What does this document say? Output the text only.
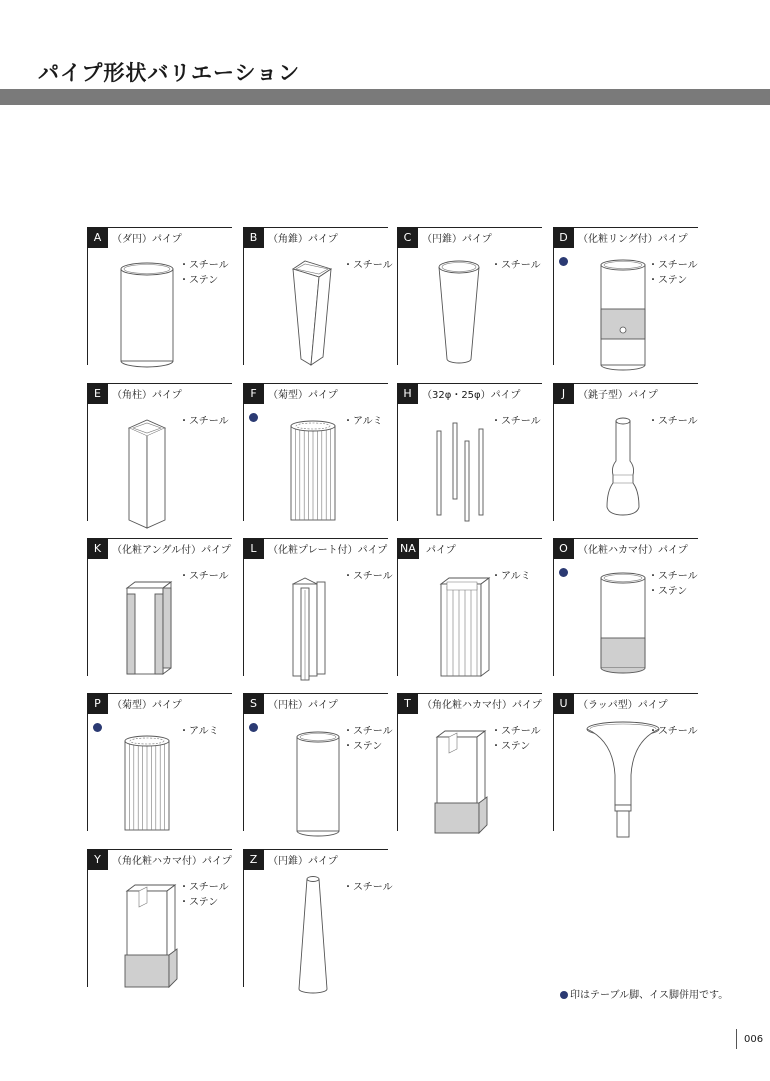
パイプ形状バリエーション
A	（ダ円）パイプ
・スチール
・ステン
B	（角錐）パイプ
・スチール
C	（円錐）パイプ
・スチール
D	（化粧リング付）パイプ
・スチール
・ステン
E	（角柱）パイプ
・スチール
F	（菊型）パイプ
・アルミ
H	（32φ・25φ）パイプ
・スチール
J	（銚子型）パイプ
・スチール
K	（化粧アングル付）パイプ
・スチール
L	（化粧プレート付）パイプ
・スチール
NA	パイプ
・アルミ
O	（化粧ハカマ付）パイプ
・スチール
・ステン
P	（菊型）パイプ
・アルミ
S	（円柱）パイプ
・スチール
・ステン
T	（角化粧ハカマ付）パイプ
・スチール
・ステン
U	（ラッパ型）パイプ
・スチール
Y	（角化粧ハカマ付）パイプ
・スチール
・ステン
Z	（円錐）パイプ
・スチール
印はテーブル脚、イス脚併用です。
006
